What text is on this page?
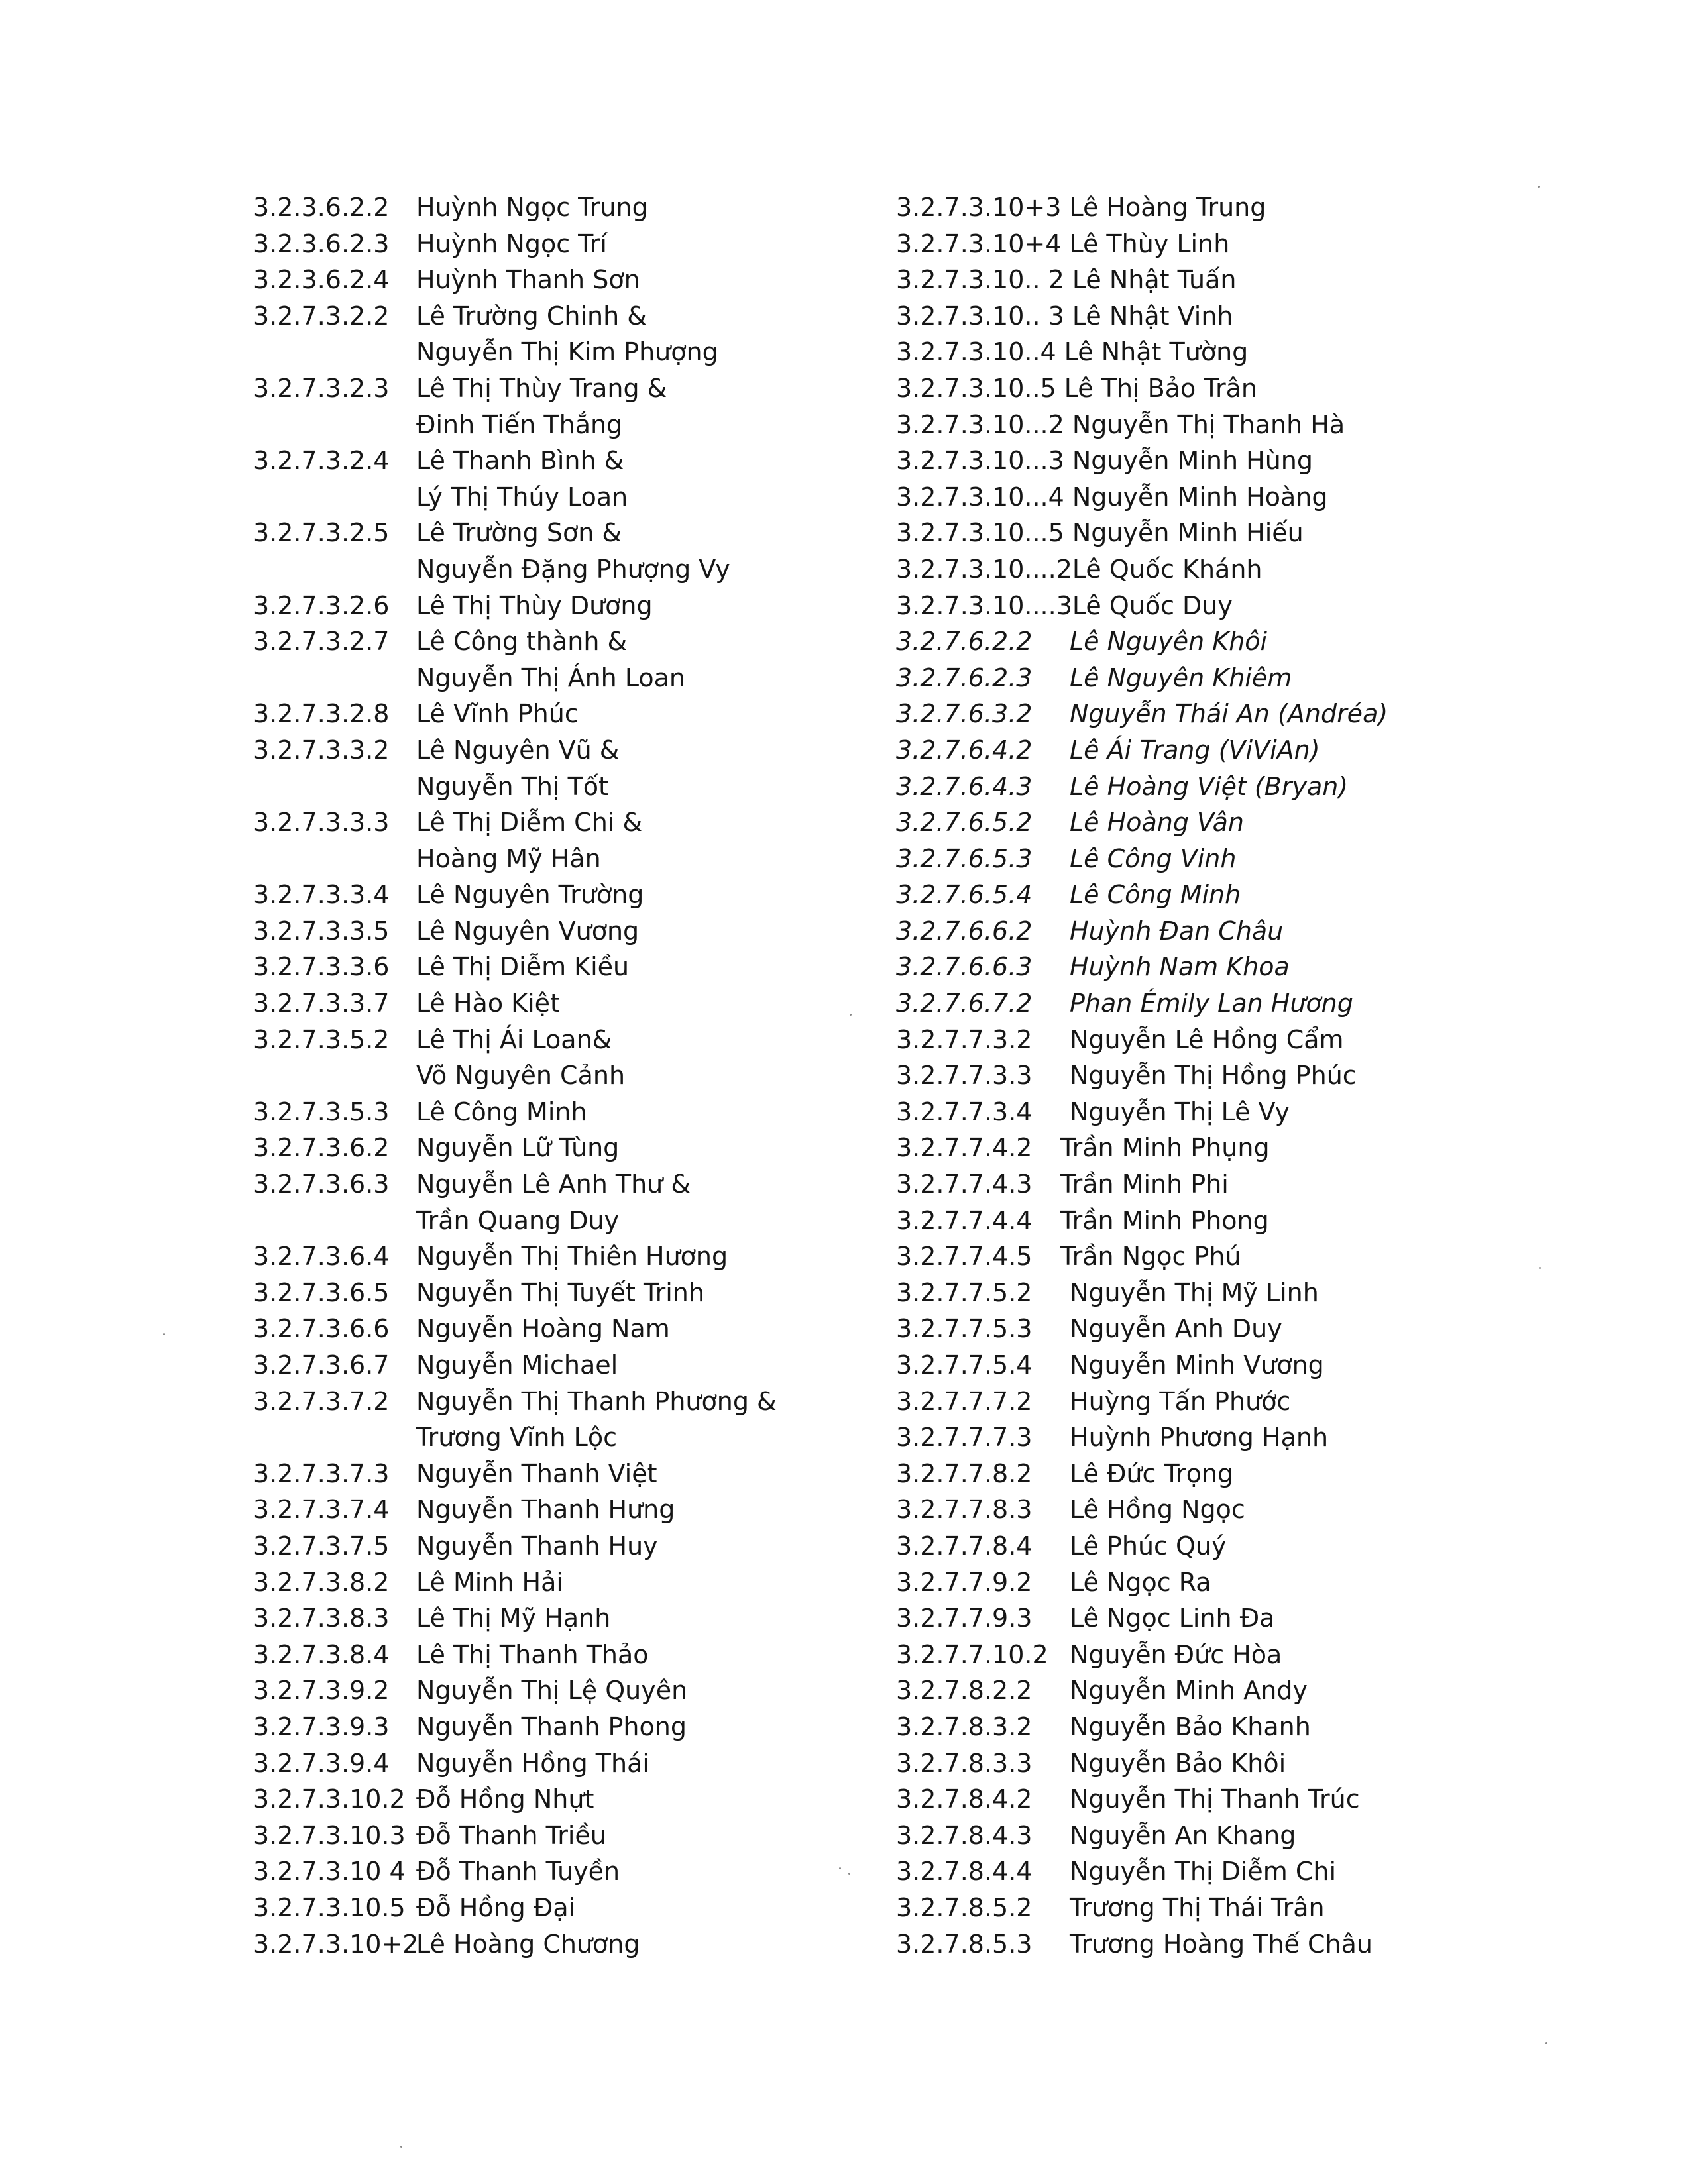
3.2.3.6.2.2 Huỳnh Ngọc Trung
3.2.3.6.2.3 Huỳnh Ngọc Trí
3.2.3.6.2.4 Huỳnh Thanh Sơn
3.2.7.3.2.2 Lê Trường Chinh &
Nguyễn Thị Kim Phượng
3.2.7.3.2.3 Lê Thị Thùy Trang &
Đinh Tiến Thắng
3.2.7.3.2.4 Lê Thanh Bình &
Lý Thị Thúy Loan
3.2.7.3.2.5 Lê Trường Sơn &
Nguyễn Đặng Phượng Vy
3.2.7.3.2.6 Lê Thị Thùy Dương
3.2.7.3.2.7 Lê Công thành &
Nguyễn Thị Ánh Loan
3.2.7.3.2.8 Lê Vĩnh Phúc
3.2.7.3.3.2 Lê Nguyên Vũ &
Nguyễn Thị Tốt
3.2.7.3.3.3 Lê Thị Diễm Chi &
Hoàng Mỹ Hân
3.2.7.3.3.4 Lê Nguyên Trường
3.2.7.3.3.5 Lê Nguyên Vương
3.2.7.3.3.6 Lê Thị Diễm Kiều
3.2.7.3.3.7 Lê Hào Kiệt
3.2.7.3.5.2 Lê Thị Ái Loan&
Võ Nguyên Cảnh
3.2.7.3.5.3 Lê Công Minh
3.2.7.3.6.2 Nguyễn Lữ Tùng
3.2.7.3.6.3 Nguyễn Lê Anh Thư &
Trần Quang Duy
3.2.7.3.6.4 Nguyễn Thị Thiên Hương
3.2.7.3.6.5 Nguyễn Thị Tuyết Trinh
3.2.7.3.6.6 Nguyễn Hoàng Nam
3.2.7.3.6.7 Nguyễn Michael
3.2.7.3.7.2 Nguyễn Thị Thanh Phương &
Trương Vĩnh Lộc
3.2.7.3.7.3 Nguyễn Thanh Việt
3.2.7.3.7.4 Nguyễn Thanh Hưng
3.2.7.3.7.5 Nguyễn Thanh Huy
3.2.7.3.8.2 Lê Minh Hải
3.2.7.3.8.3 Lê Thị Mỹ Hạnh
3.2.7.3.8.4 Lê Thị Thanh Thảo
3.2.7.3.9.2 Nguyễn Thị Lệ Quyên
3.2.7.3.9.3 Nguyễn Thanh Phong
3.2.7.3.9.4 Nguyễn Hồng Thái
3.2.7.3.10.2 Đỗ Hồng Nhựt
3.2.7.3.10.3 Đỗ Thanh Triều
3.2.7.3.10 4 Đỗ Thanh Tuyền
3.2.7.3.10.5 Đỗ Hồng Đại
3.2.7.3.10+2
Lê Hoàng Chương
3.2.7.3.10+3 Lê Hoàng Trung
3.2.7.3.10+4 Lê Thùy Linh
3.2.7.3.10.. 2 Lê Nhật Tuấn
3.2.7.3.10.. 3 Lê Nhật Vinh
3.2.7.3.10..4 Lê Nhật Tường
3.2.7.3.10..5 Lê Thị Bảo Trân
3.2.7.3.10...2 Nguyễn Thị Thanh Hà
3.2.7.3.10...3 Nguyễn Minh Hùng
3.2.7.3.10...4 Nguyễn Minh Hoàng
3.2.7.3.10...5 Nguyễn Minh Hiếu
3.2.7.3.10....2Lê Quốc Khánh
3.2.7.3.10....3Lê Quốc Duy
3.2.7.6.2.2 Lê Nguyên Khôi
3.2.7.6.2.3 Lê Nguyên Khiêm
3.2.7.6.3.2 Nguyễn Thái An (Andréa)
3.2.7.6.4.2 Lê Ái Trang (ViViAn)
3.2.7.6.4.3 Lê Hoàng Việt (Bryan)
3.2.7.6.5.2 Lê Hoàng Vân
3.2.7.6.5.3 Lê Công Vinh
3.2.7.6.5.4 Lê Công Minh
3.2.7.6.6.2 Huỳnh Đan Châu
3.2.7.6.6.3 Huỳnh Nam Khoa
3.2.7.6.7.2 Phan Émily Lan Hương
3.2.7.7.3.2 Nguyễn Lê Hồng Cẩm
3.2.7.7.3.3 Nguyễn Thị Hồng Phúc
3.2.7.7.3.4 Nguyễn Thị Lê Vy
3.2.7.7.4.2 Trần Minh Phụng
3.2.7.7.4.3 Trần Minh Phi
3.2.7.7.4.4 Trần Minh Phong
3.2.7.7.4.5 Trần Ngọc Phú
3.2.7.7.5.2 Nguyễn Thị Mỹ Linh
3.2.7.7.5.3 Nguyễn Anh Duy
3.2.7.7.5.4 Nguyễn Minh Vương
3.2.7.7.7.2 Huỳng Tấn Phước
3.2.7.7.7.3 Huỳnh Phương Hạnh
3.2.7.7.8.2 Lê Đức Trọng
3.2.7.7.8.3 Lê Hồng Ngọc
3.2.7.7.8.4 Lê Phúc Quý
3.2.7.7.9.2 Lê Ngọc Ra
3.2.7.7.9.3 Lê Ngọc Linh Đa
3.2.7.7.10.2 Nguyễn Đức Hòa
3.2.7.8.2.2 Nguyễn Minh Andy
3.2.7.8.3.2 Nguyễn Bảo Khanh
3.2.7.8.3.3 Nguyễn Bảo Khôi
3.2.7.8.4.2 Nguyễn Thị Thanh Trúc
3.2.7.8.4.3 Nguyễn An Khang
3.2.7.8.4.4 Nguyễn Thị Diễm Chi
3.2.7.8.5.2 Trương Thị Thái Trân
3.2.7.8.5.3 Trương Hoàng Thế Châu
